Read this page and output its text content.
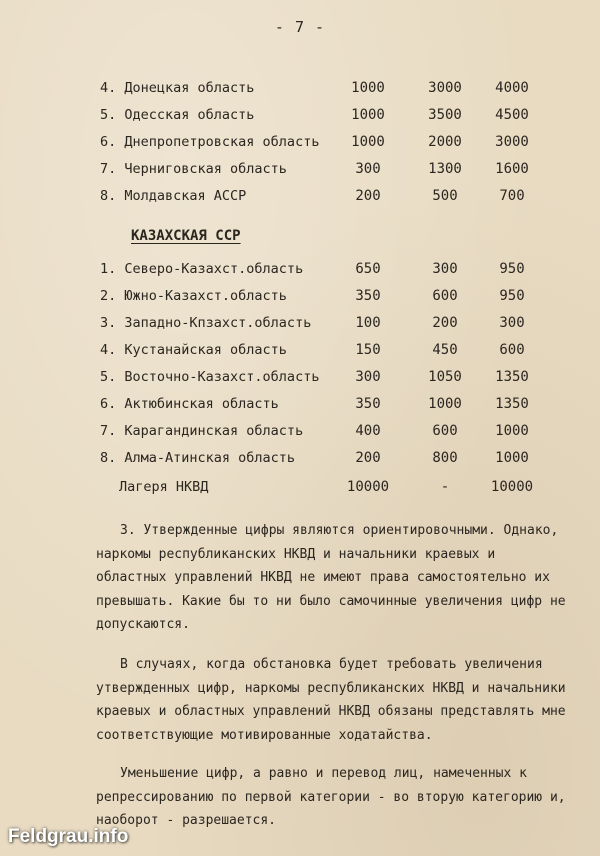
- 7 -
4. Донецкая область	1000	3000	4000
5. Одесская область	1000	3500	4500
6. Днепропетровская область	1000	2000	3000
7. Черниговская область	300	1300	1600
8. Молдавская АССР	200	500	700
КАЗАХСКАЯ ССР
1. Северо-Казахст.область	650	300	950
2. Южно-Казахст.область	350	600	950
3. Западно-Кпзахст.область	100	200	300
4. Кустанайская область	150	450	600
5. Восточно-Казахст.область	300	1050	1350
6. Актюбинская область	350	1000	1350
7. Карагандинская область	400	600	1000
8. Алма-Атинская область	200	800	1000
Лагеря НКВД	10000	-	10000
3. Утвержденные цифры являются ориентировочными. Однако, наркомы республиканских НКВД и начальники краевых и областных управлений НКВД не имеют права самостоятельно их превышать. Какие бы то ни было самочинные увеличения цифр не допускаются.
В случаях, когда обстановка будет требовать увеличения утвержденных цифр, наркомы республиканских НКВД и начальники краевых и областных управлений НКВД обязаны представлять мне соответствующие мотивированные ходатайства.
Уменьшение цифр, а равно и перевод лиц, намеченных к репрессированию по первой категории - во вторую категорию и, наоборот - разрешается.
Feldgrau.info
